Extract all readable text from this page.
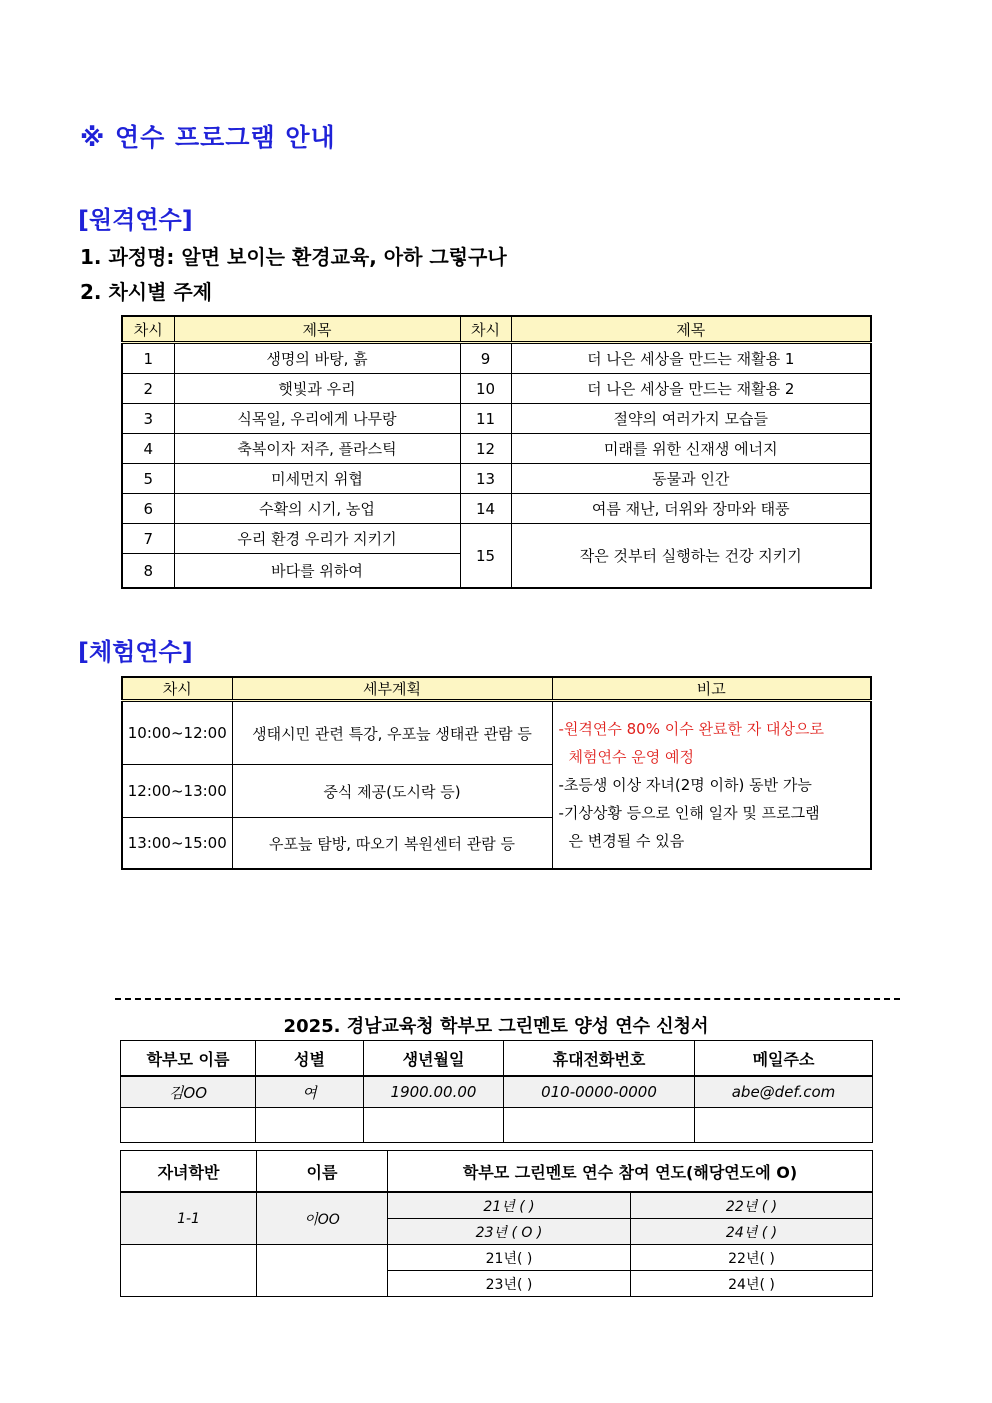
※ 연수 프로그램 안내
[원격연수]
1. 과정명: 알면 보이는 환경교육, 아하 그렇구나
2. 차시별 주제
차시	제목	차시	제목
1	생명의 바탕, 흙	9	더 나은 세상을 만드는 재활용 1
2	햇빛과 우리	10	더 나은 세상을 만드는 재활용 2
3	식목일, 우리에게 나무랑	11	절약의 여러가지 모습들
4	축복이자 저주, 플라스틱	12	미래를 위한 신재생 에너지
5	미세먼지 위협	13	동물과 인간
6	수확의 시기, 농업	14	여름 재난, 더위와 장마와 태풍
7	우리 환경 우리가 지키기	15	작은 것부터 실행하는 건강 지키기
8	바다를 위하여		
[체험연수]
차시	세부계획	비고
10:00~12:00	생태시민 관련 특강, 우포늪 생태관 관람 등	-원격연수 80% 이수 완료한 자 대상으로
체험연수 운영 예정
-초등생 이상 자녀(2명 이하) 동반 가능
-기상상황 등으로 인해 일자 및 프로그램
은 변경될 수 있음

12:00~13:00	중식 제공(도시락 등)	
13:00~15:00	우포늪 탐방, 따오기 복원센터 관람 등	
2025. 경남교육청 학부모 그린멘토 양성 연수 신청서
학부모 이름	성별	생년월일	휴대전화번호	메일주소
김OO	여	1900.00.00	010-0000-0000	abe@def.com

자녀학반	이름	학부모 그린멘토 연수 참여 연도(해당연도에 O)	
1-1	이OO	21년 ( )	22년 ( )
		23년 ( O )	24년 ( )
		21년( )	22년( )
		23년( )	24년( )
